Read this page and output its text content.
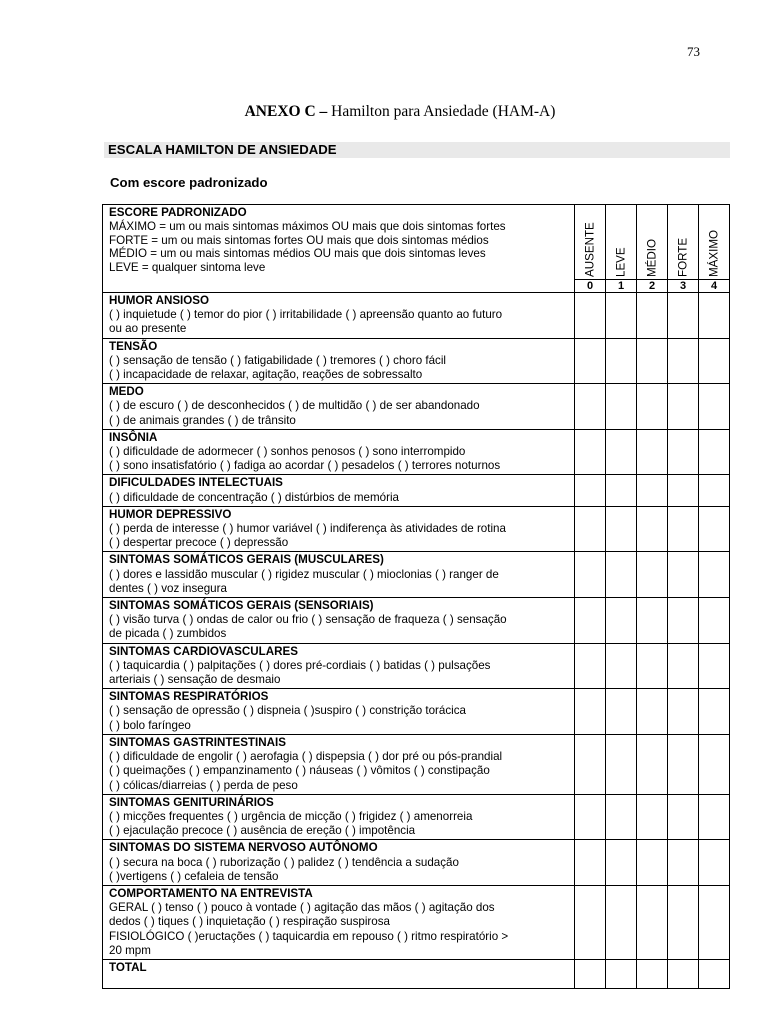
73
ANEXO C – Hamilton para Ansiedade (HAM-A)
ESCALA HAMILTON DE ANSIEDADE
Com escore padronizado
ESCORE PADRONIZADO
MÁXIMO = um ou mais sintomas máximos OU mais que dois sintomas fortes
FORTE = um ou mais sintomas fortes OU mais que dois sintomas médios
MÉDIO = um ou mais sintomas médios OU mais que dois sintomas leves
LEVE = qualquer sintoma leve	AUSENTE	LEVE	MÉDIO	FORTE	MÁXIMO

	0	1	2	3	4

HUMOR ANSIOSO
( ) inquietude ( ) temor do pior ( ) irritabilidade ( ) apreensão quanto ao futuro
ou ao presente					

TENSÃO
( ) sensação de tensão ( ) fatigabilidade ( ) tremores ( ) choro fácil
( ) incapacidade de relaxar, agitação, reações de sobressalto					

MEDO
( ) de escuro ( ) de desconhecidos ( ) de multidão ( ) de ser abandonado
( ) de animais grandes ( ) de trânsito					

INSÔNIA
( ) dificuldade de adormecer ( ) sonhos penosos ( ) sono interrompido
( ) sono insatisfatório ( ) fadiga ao acordar ( ) pesadelos ( ) terrores noturnos					

DIFICULDADES INTELECTUAIS
( ) dificuldade de concentração ( ) distúrbios de memória					

HUMOR DEPRESSIVO
( ) perda de interesse ( ) humor variável ( ) indiferença às atividades de rotina
( ) despertar precoce ( ) depressão					

SINTOMAS SOMÁTICOS GERAIS (MUSCULARES)
( ) dores e lassidão muscular ( ) rigidez muscular ( ) mioclonias ( ) ranger de
dentes ( ) voz insegura					

SINTOMAS SOMÁTICOS GERAIS (SENSORIAIS)
( ) visão turva ( ) ondas de calor ou frio ( ) sensação de fraqueza ( ) sensação
de picada ( ) zumbidos					

SINTOMAS CARDIOVASCULARES
( ) taquicardia ( ) palpitações ( ) dores pré-cordiais ( ) batidas ( ) pulsações
arteriais ( ) sensação de desmaio					

SINTOMAS RESPIRATÓRIOS
( ) sensação de opressão ( ) dispneia ( )suspiro ( ) constrição torácica
( ) bolo faríngeo					

SINTOMAS GASTRINTESTINAIS
( ) dificuldade de engolir ( ) aerofagia ( ) dispepsia ( ) dor pré ou pós-prandial
( ) queimações ( ) empanzinamento ( ) náuseas ( ) vômitos ( ) constipação
( ) cólicas/diarreias ( ) perda de peso					

SINTOMAS GENITURINÁRIOS
( ) micções frequentes ( ) urgência de micção ( ) frigidez ( ) amenorreia
( ) ejaculação precoce ( ) ausência de ereção ( ) impotência					

SINTOMAS DO SISTEMA NERVOSO AUTÔNOMO
( ) secura na boca ( ) ruborização ( ) palidez ( ) tendência a sudação
( )vertigens ( ) cefaleia de tensão					

COMPORTAMENTO NA ENTREVISTA
GERAL ( ) tenso ( ) pouco à vontade ( ) agitação das mãos ( ) agitação dos
dedos ( ) tiques ( ) inquietação ( ) respiração suspirosa
FISIOLÓGICO ( )eructações ( ) taquicardia em repouso ( ) ritmo respiratório >
20 mpm					

TOTAL					
